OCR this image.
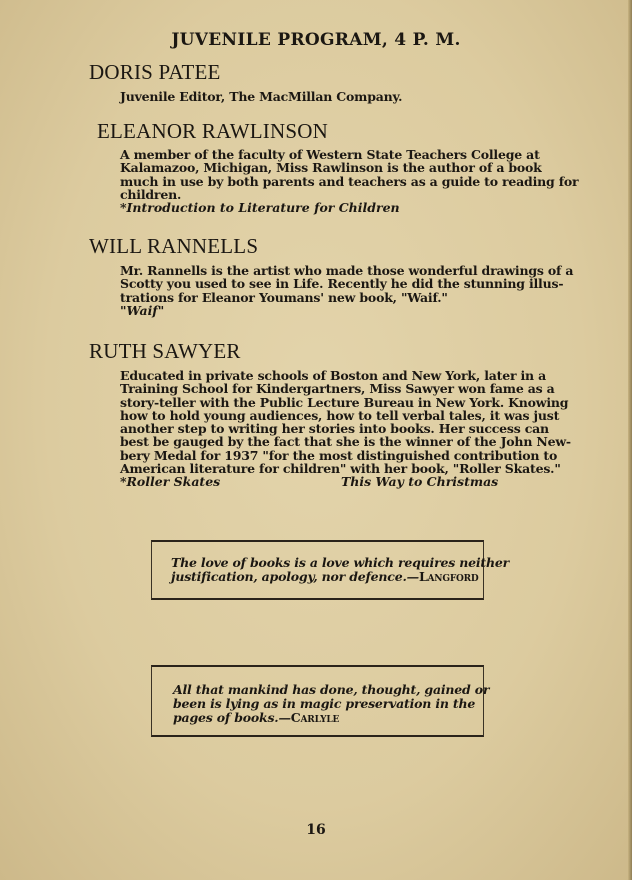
JUVENILE PROGRAM, 4 P. M.
DORIS PATEE
Juvenile Editor, The MacMillan Company.
ELEANOR RAWLINSON
A member of the faculty of Western State Teachers College at
Kalamazoo, Michigan, Miss Rawlinson is the author of a book
much in use by both parents and teachers as a guide to reading for
children.
*Introduction to Literature for Children
WILL RANNELLS
Mr. Rannells is the artist who made those wonderful drawings of a
Scotty you used to see in Life. Recently he did the stunning illus-
trations for Eleanor Youmans' new book, "Waif."
"Waif"
RUTH SAWYER
Educated in private schools of Boston and New York, later in a
Training School for Kindergartners, Miss Sawyer won fame as a
story-teller with the Public Lecture Bureau in New York. Knowing
how to hold young audiences, how to tell verbal tales, it was just
another step to writing her stories into books. Her success can
best be gauged by the fact that she is the winner of the John New-
bery Medal for 1937 "for the most distinguished contribution to
American literature for children" with her book, "Roller Skates."
*Roller Skates	This Way to Christmas
The love of books is a love which requires neither
justification, apology, nor defence.—Langford
All that mankind has done, thought, gained or
been is lying as in magic preservation in the
pages of books.—Carlyle
16
